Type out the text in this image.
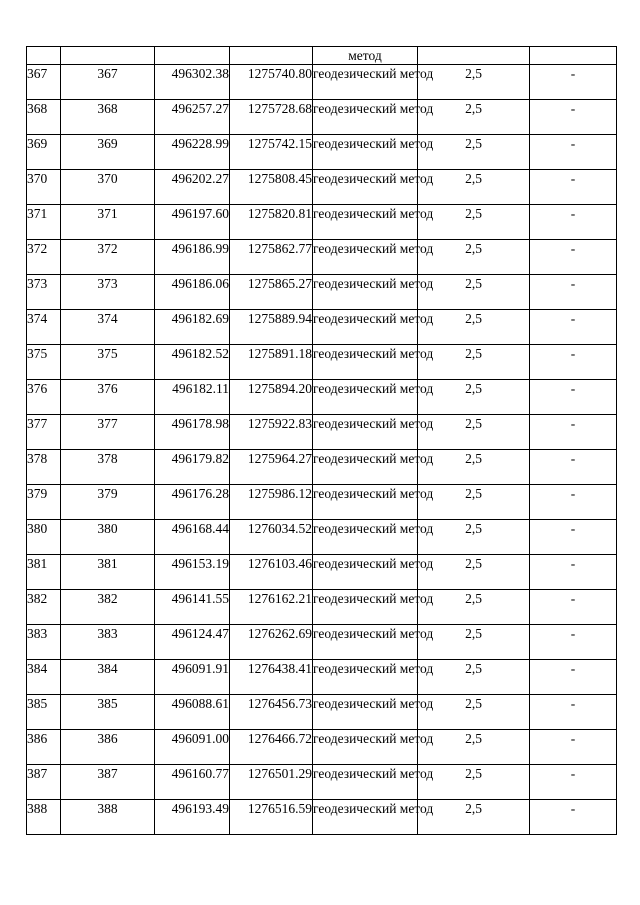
				метод		
367	367	496302.38	1275740.80	геодезический метод	2,5	-
368	368	496257.27	1275728.68	геодезический метод	2,5	-
369	369	496228.99	1275742.15	геодезический метод	2,5	-
370	370	496202.27	1275808.45	геодезический метод	2,5	-
371	371	496197.60	1275820.81	геодезический метод	2,5	-
372	372	496186.99	1275862.77	геодезический метод	2,5	-
373	373	496186.06	1275865.27	геодезический метод	2,5	-
374	374	496182.69	1275889.94	геодезический метод	2,5	-
375	375	496182.52	1275891.18	геодезический метод	2,5	-
376	376	496182.11	1275894.20	геодезический метод	2,5	-
377	377	496178.98	1275922.83	геодезический метод	2,5	-
378	378	496179.82	1275964.27	геодезический метод	2,5	-
379	379	496176.28	1275986.12	геодезический метод	2,5	-
380	380	496168.44	1276034.52	геодезический метод	2,5	-
381	381	496153.19	1276103.46	геодезический метод	2,5	-
382	382	496141.55	1276162.21	геодезический метод	2,5	-
383	383	496124.47	1276262.69	геодезический метод	2,5	-
384	384	496091.91	1276438.41	геодезический метод	2,5	-
385	385	496088.61	1276456.73	геодезический метод	2,5	-
386	386	496091.00	1276466.72	геодезический метод	2,5	-
387	387	496160.77	1276501.29	геодезический метод	2,5	-
388	388	496193.49	1276516.59	геодезический метод	2,5	-
